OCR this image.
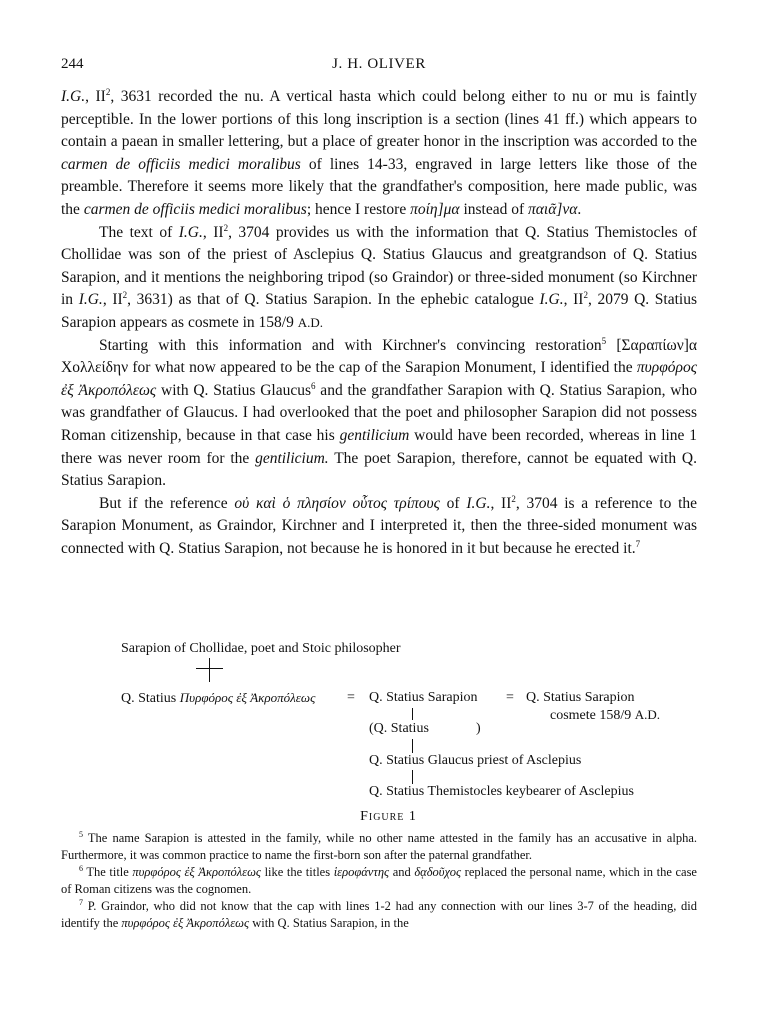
244	J. H. OLIVER

I.G., $II^2$, 3631 recorded the nu. A vertical hasta which could belong either to nu or mu is faintly perceptible. In the lower portions of this long inscription is a section (lines 41 ff.) which appears to contain a paean in smaller lettering, but a place of greater honor in the inscription was accorded to the carmen de officiis medici moralibus of lines 14-33, engraved in large letters like those of the preamble. Therefore it seems more likely that the grandfather's composition, here made public, was the carmen de officiis medici moralibus; hence I restore ποίη]μα instead of παιᾶ]να.

The text of I.G., $II^2$, 3704 provides us with the information that Q. Statius Themistocles of Chollidae was son of the priest of Asclepius Q. Statius Glaucus and greatgrandson of Q. Statius Sarapion, and it mentions the neighboring tripod (so Graindor) or three-sided monument (so Kirchner in I.G., $II^2$, 3631) as that of Q. Statius Sarapion. In the ephebic catalogue I.G., $II^2$, 2079 Q. Statius Sarapion appears as cosmete in 158/9 A.D.

Starting with this information and with Kirchner's convincing restoration$^5$ [Σαραπίων]α Χολλείδην for what now appeared to be the cap of the Sarapion Monument, I identified the πυρφόρος ἐξ Ἀκροπόλεως with Q. Statius Glaucus$^6$ and the grandfather Sarapion with Q. Statius Sarapion, who was grandfather of Glaucus. I had overlooked that the poet and philosopher Sarapion did not possess Roman citizenship, because in that case his gentilicium would have been recorded, whereas in line 1 there was never room for the gentilicium. The poet Sarapion, therefore, cannot be equated with Q. Statius Sarapion.

But if the reference οὐ καὶ ὁ πλησίον οὗτος τρίπους of I.G., $II^2$, 3704 is a reference to the Sarapion Monument, as Graindor, Kirchner and I interpreted it, then the three-sided monument was connected with Q. Statius Sarapion, not because he is honored in it but because he erected it.$^7$

Sarapion of Chollidae, poet and Stoic philosopher
Q. Statius Πυρφόρος ἐξ Ἀκροπόλεως = Q. Statius Sarapion = Q. Statius Sarapion
cosmete 158/9 A.D.
(Q. Statius	)
Q. Statius Glaucus priest of Asclepius
Q. Statius Themistocles keybearer of Asclepius
Figure 1

$^5$ The name Sarapion is attested in the family, while no other name attested in the family has an accusative in alpha. Furthermore, it was common practice to name the first-born son after the paternal grandfather.

$^6$ The title πυρφόρος ἐξ Ἀκροπόλεως like the titles ἱεροφάντης and δᾳδοῦχος replaced the personal name, which in the case of Roman citizens was the cognomen.

$^7$ P. Graindor, who did not know that the cap with lines 1-2 had any connection with our lines 3-7 of the heading, did identify the πυρφόρος ἐξ Ἀκροπόλεως with Q. Statius Sarapion, in the
